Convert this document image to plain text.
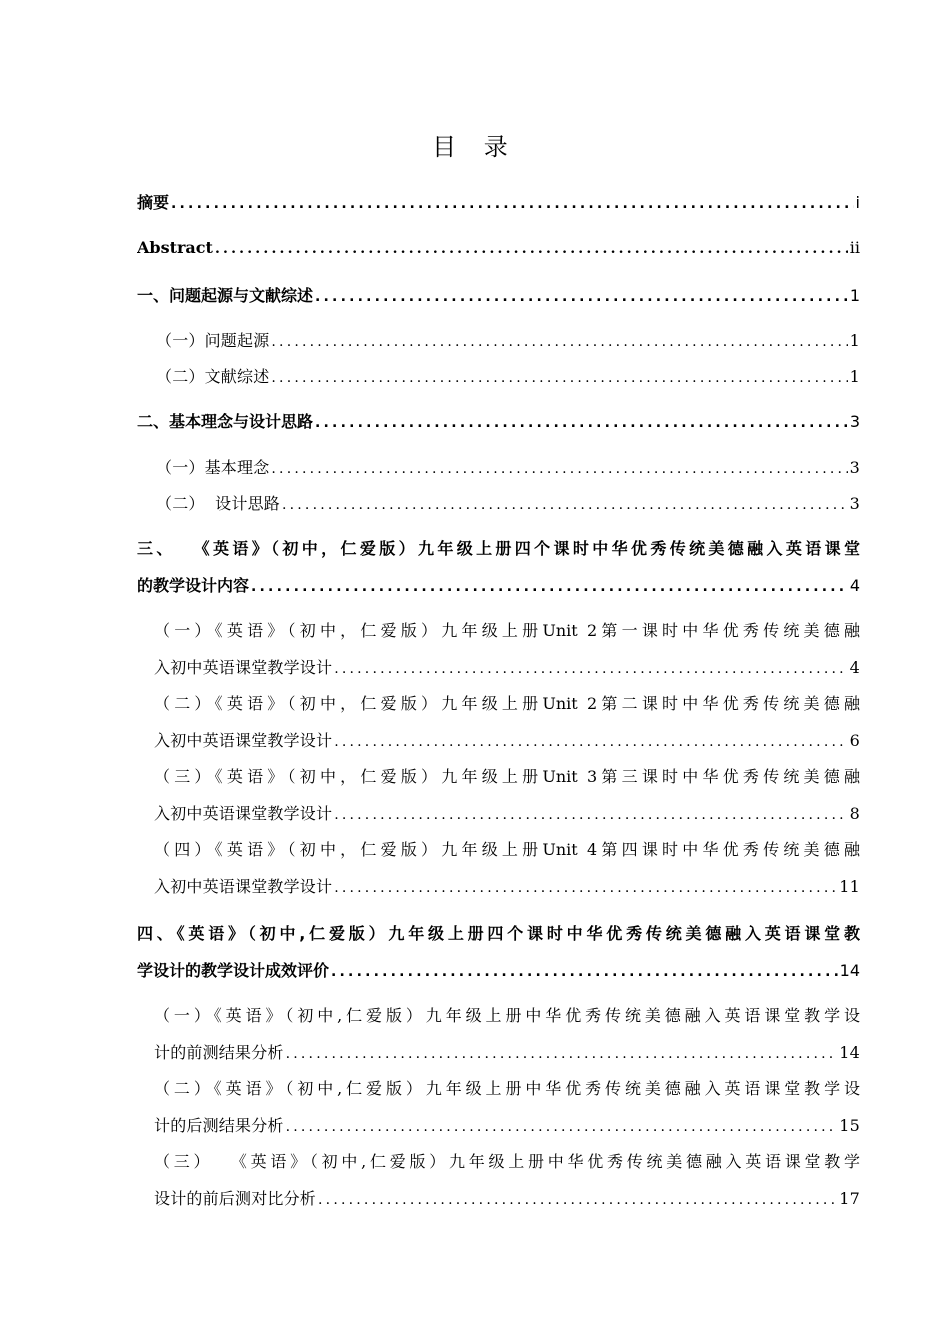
目 录
摘要 .....	i
Abstract .....	ii
一、问题起源与文献综述 .....	1
（一）问题起源 .....	1
（二）文献综述 .....	1
二、基本理念与设计思路 .....	3
（一）基本理念 .....	3
（二）  设计思路 .....	3
三、  《英语》（初中，仁爱版）九年级上册四个课时中华优秀传统美德融入英语课堂
的教学设计内容 .....	4
（一）《英语》（初中，仁爱版）九年级上册Unit 2第一课时中华优秀传统美德融
入初中英语课堂教学设计 .....	4
（二）《英语》（初中，仁爱版）九年级上册Unit 2第二课时中华优秀传统美德融
入初中英语课堂教学设计 .....	6
（三）《英语》（初中，仁爱版）九年级上册Unit 3第三课时中华优秀传统美德融
入初中英语课堂教学设计 .....	8
（四）《英语》（初中，仁爱版）九年级上册Unit 4第四课时中华优秀传统美德融
入初中英语课堂教学设计 .....	11
四、《英语》（初中,仁爱版）九年级上册四个课时中华优秀传统美德融入英语课堂教
学设计的教学设计成效评价 .....	14
（一）《英语》（初中,仁爱版）九年级上册中华优秀传统美德融入英语课堂教学设
计的前测结果分析 .....	14
（二）《英语》（初中,仁爱版）九年级上册中华优秀传统美德融入英语课堂教学设
计的后测结果分析 .....	15
（三）  《英语》（初中,仁爱版）九年级上册中华优秀传统美德融入英语课堂教学
设计的前后测对比分析 .....	17
